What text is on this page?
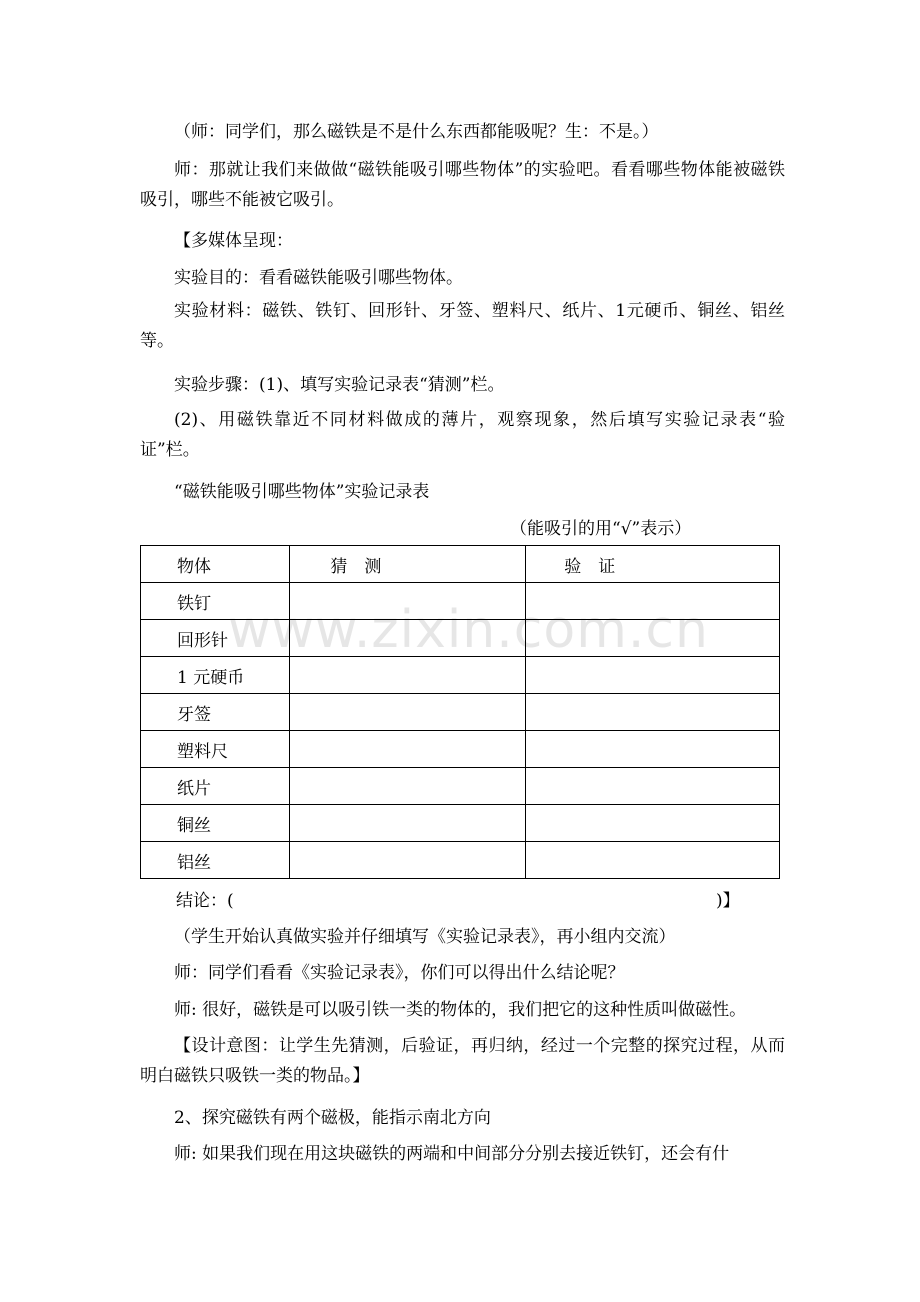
www.zixin.com.cn
（师：同学们，那么磁铁是不是什么东西都能吸呢？生：不是。）
师：那就让我们来做做“磁铁能吸引哪些物体”的实验吧。看看哪些物体能被磁铁吸引，哪些不能被它吸引。
【多媒体呈现：
实验目的：看看磁铁能吸引哪些物体。
实验材料：磁铁、铁钉、回形针、牙签、塑料尺、纸片、1元硬币、铜丝、铝丝等。
实验步骤：(1)、填写实验记录表“猜测”栏。
(2)、用磁铁靠近不同材料做成的薄片，观察现象，然后填写实验记录表“验证”栏。
“磁铁能吸引哪些物体”实验记录表
（能吸引的用“√”表示）
物体	猜　测	验　证
铁钉		
回形针		
1 元硬币		
牙签		
塑料尺		
纸片		
铜丝		
铝丝		
结论：(	)】
（学生开始认真做实验并仔细填写《实验记录表》，再小组内交流）
师：同学们看看《实验记录表》，你们可以得出什么结论呢？
师: 很好，磁铁是可以吸引铁一类的物体的，我们把它的这种性质叫做磁性。
【设计意图：让学生先猜测，后验证，再归纳，经过一个完整的探究过程，从而明白磁铁只吸铁一类的物品。】
2、探究磁铁有两个磁极，能指示南北方向
师: 如果我们现在用这块磁铁的两端和中间部分分别去接近铁钉，还会有什
